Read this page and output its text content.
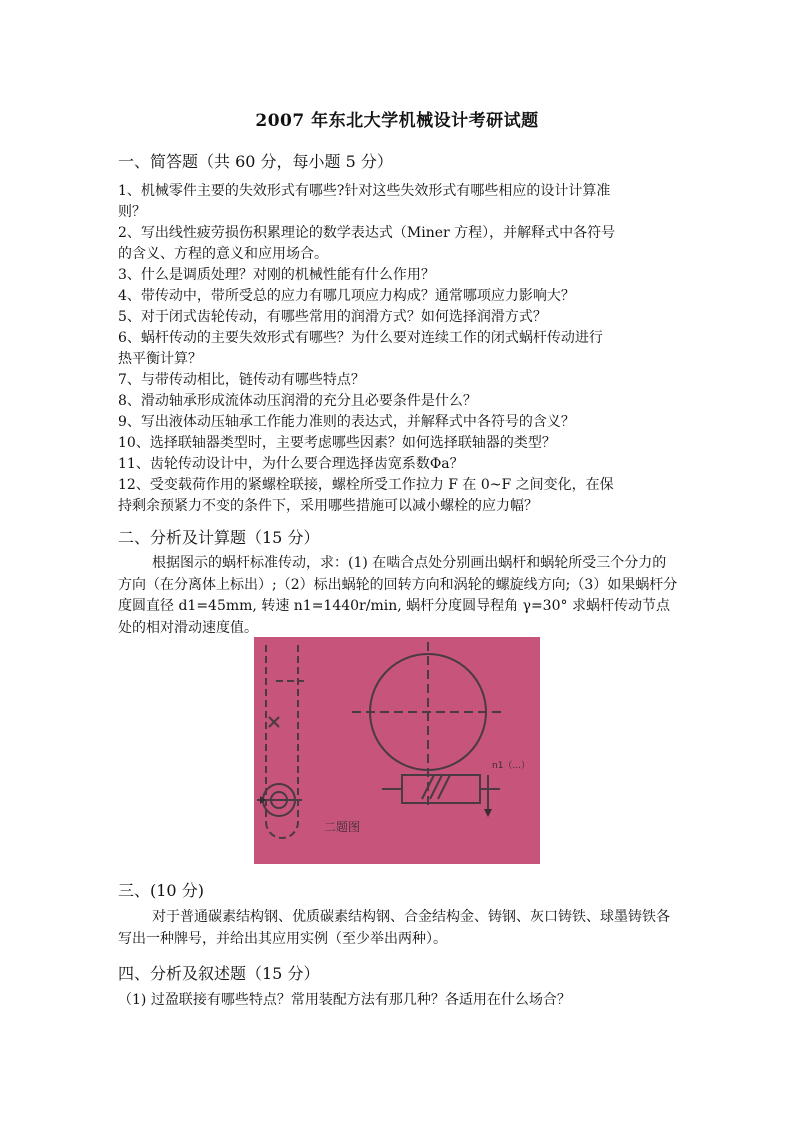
2007 年东北大学机械设计考研试题
一、简答题（共 60 分，每小题 5 分）
1、机械零件主要的失效形式有哪些?针对这些失效形式有哪些相应的设计计算准
则？
2、写出线性疲劳损伤积累理论的数学表达式（Miner 方程），并解释式中各符号
的含义、方程的意义和应用场合。
3、什么是调质处理？对刚的机械性能有什么作用？
4、带传动中，带所受总的应力有哪几项应力构成？通常哪项应力影响大？
5、对于闭式齿轮传动，有哪些常用的润滑方式？如何选择润滑方式？
6、蜗杆传动的主要失效形式有哪些？为什么要对连续工作的闭式蜗杆传动进行
热平衡计算？
7、与带传动相比，链传动有哪些特点？
8、滑动轴承形成流体动压润滑的充分且必要条件是什么？
9、写出液体动压轴承工作能力准则的表达式，并解释式中各符号的含义？
10、选择联轴器类型时，主要考虑哪些因素？如何选择联轴器的类型？
11、齿轮传动设计中，为什么要合理选择齿宽系数Φa？
12、受变载荷作用的紧螺栓联接，螺栓所受工作拉力 F 在 0~F 之间变化，在保
持剩余预紧力不变的条件下，采用哪些措施可以减小螺栓的应力幅？
二、分析及计算题（15 分）
根据图示的蜗杆标准传动，求：(1) 在啮合点处分别画出蜗杆和蜗轮所受三个分力的方向（在分离体上标出）;（2）标出蜗轮的回转方向和涡轮的螺旋线方向;（3）如果蜗杆分度圆直径 d1=45mm, 转速 n1=1440r/min, 蜗杆分度圆导程角 γ=30° 求蜗杆传动节点处的相对滑动速度值。
n1（...）
二题图
三、(10 分)
对于普通碳素结构钢、优质碳素结构钢、合金结构金、铸钢、灰口铸铁、球墨铸铁各写出一种牌号，并给出其应用实例（至少举出两种）。
四、分析及叙述题（15 分）
（1) 过盈联接有哪些特点？常用装配方法有那几种？各适用在什么场合？
